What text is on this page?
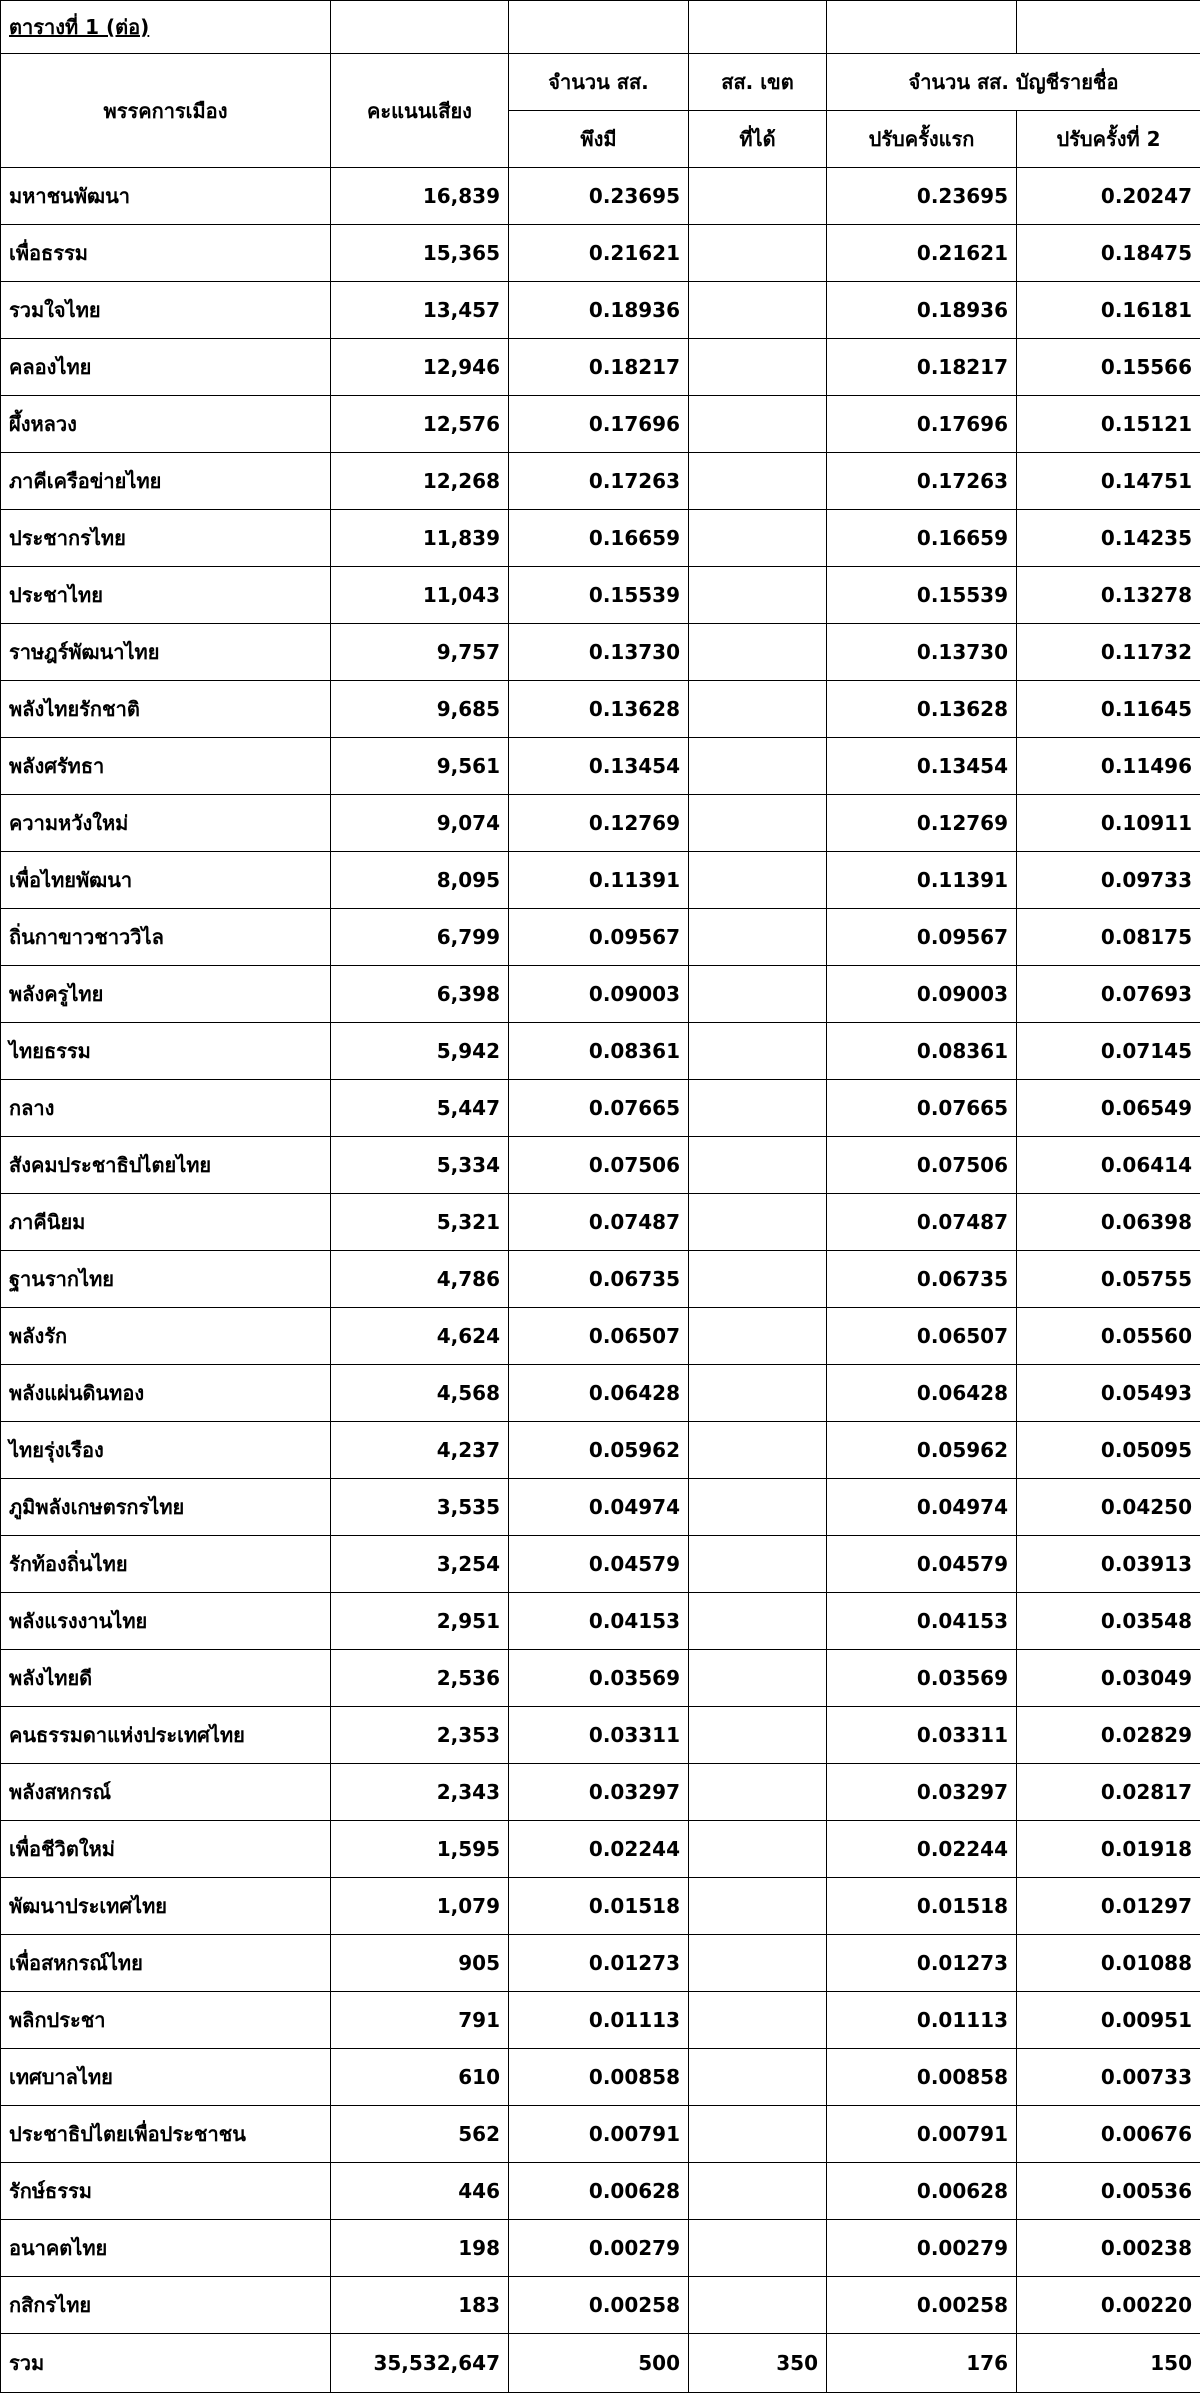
ตารางที่ 1 (ต่อ)					
พรรคการเมือง	คะแนนเสียง	จำนวน สส.	สส. เขต	จำนวน สส. บัญชีรายชื่อ	
		พึงมี	ที่ได้	ปรับครั้งแรก	ปรับครั้งที่ 2
มหาชนพัฒนา	16,839	0.23695		0.23695	0.20247
เพื่อธรรม	15,365	0.21621		0.21621	0.18475
รวมใจไทย	13,457	0.18936		0.18936	0.16181
คลองไทย	12,946	0.18217		0.18217	0.15566
ผึ้งหลวง	12,576	0.17696		0.17696	0.15121
ภาคีเครือข่ายไทย	12,268	0.17263		0.17263	0.14751
ประชากรไทย	11,839	0.16659		0.16659	0.14235
ประชาไทย	11,043	0.15539		0.15539	0.13278
ราษฎร์พัฒนาไทย	9,757	0.13730		0.13730	0.11732
พลังไทยรักชาติ	9,685	0.13628		0.13628	0.11645
พลังศรัทธา	9,561	0.13454		0.13454	0.11496
ความหวังใหม่	9,074	0.12769		0.12769	0.10911
เพื่อไทยพัฒนา	8,095	0.11391		0.11391	0.09733
ถิ่นกาขาวชาววิไล	6,799	0.09567		0.09567	0.08175
พลังครูไทย	6,398	0.09003		0.09003	0.07693
ไทยธรรม	5,942	0.08361		0.08361	0.07145
กลาง	5,447	0.07665		0.07665	0.06549
สังคมประชาธิปไตยไทย	5,334	0.07506		0.07506	0.06414
ภาคีนิยม	5,321	0.07487		0.07487	0.06398
ฐานรากไทย	4,786	0.06735		0.06735	0.05755
พลังรัก	4,624	0.06507		0.06507	0.05560
พลังแผ่นดินทอง	4,568	0.06428		0.06428	0.05493
ไทยรุ่งเรือง	4,237	0.05962		0.05962	0.05095
ภูมิพลังเกษตรกรไทย	3,535	0.04974		0.04974	0.04250
รักท้องถิ่นไทย	3,254	0.04579		0.04579	0.03913
พลังแรงงานไทย	2,951	0.04153		0.04153	0.03548
พลังไทยดี	2,536	0.03569		0.03569	0.03049
คนธรรมดาแห่งประเทศไทย	2,353	0.03311		0.03311	0.02829
พลังสหกรณ์	2,343	0.03297		0.03297	0.02817
เพื่อชีวิตใหม่	1,595	0.02244		0.02244	0.01918
พัฒนาประเทศไทย	1,079	0.01518		0.01518	0.01297
เพื่อสหกรณ์ไทย	905	0.01273		0.01273	0.01088
พลิกประชา	791	0.01113		0.01113	0.00951
เทศบาลไทย	610	0.00858		0.00858	0.00733
ประชาธิปไตยเพื่อประชาชน	562	0.00791		0.00791	0.00676
รักษ์ธรรม	446	0.00628		0.00628	0.00536
อนาคตไทย	198	0.00279		0.00279	0.00238
กสิกรไทย	183	0.00258		0.00258	0.00220
รวม	35,532,647	500	350	176	150
